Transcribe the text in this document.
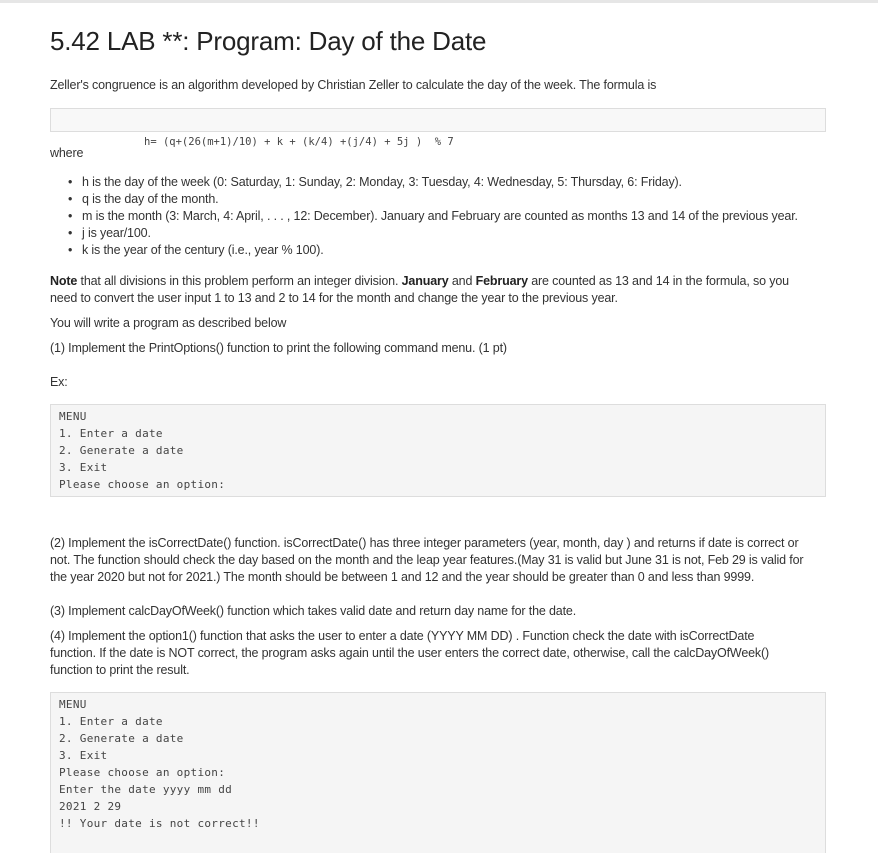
5.42 LAB **: Program: Day of the Date
Zeller's congruence is an algorithm developed by Christian Zeller to calculate the day of the week. The formula is

h= (q+(26(m+1)/10) + k + (k/4) +(j/4) + 5j )  % 7

where
• h is the day of the week (0: Saturday, 1: Sunday, 2: Monday, 3: Tuesday, 4: Wednesday, 5: Thursday, 6: Friday).
• q is the day of the month.
• m is the month (3: March, 4: April, . . . , 12: December). January and February are counted as months 13 and 14 of the previous year.
• j is year/100.
• k is the year of the century (i.e., year % 100).
Note that all divisions in this problem perform an integer division. January and February are counted as 13 and 14 in the formula, so you
need to convert the user input 1 to 13 and 2 to 14 for the month and change the year to the previous year.
You will write a program as described below
(1) Implement the PrintOptions() function to print the following command menu. (1 pt)
Ex:
MENU
1. Enter a date
2. Generate a date
3. Exit
Please choose an option:
(2) Implement the isCorrectDate() function. isCorrectDate() has three integer parameters (year, month, day ) and returns if date is correct or
not. The function should check the day based on the month and the leap year features.(May 31 is valid but June 31 is not, Feb 29 is valid for
the year 2020 but not for 2021.) The month should be between 1 and 12 and the year should be greater than 0 and less than 9999.
(3) Implement calcDayOfWeek() function which takes valid date and return day name for the date.
(4) Implement the option1() function that asks the user to enter a date (YYYY MM DD) . Function check the date with isCorrectDate
function. If the date is NOT correct, the program asks again until the user enters the correct date, otherwise, call the calcDayOfWeek()
function to print the result.
MENU
1. Enter a date
2. Generate a date
3. Exit
Please choose an option:
Enter the date yyyy mm dd
2021 2 29
!! Your date is not correct!!
